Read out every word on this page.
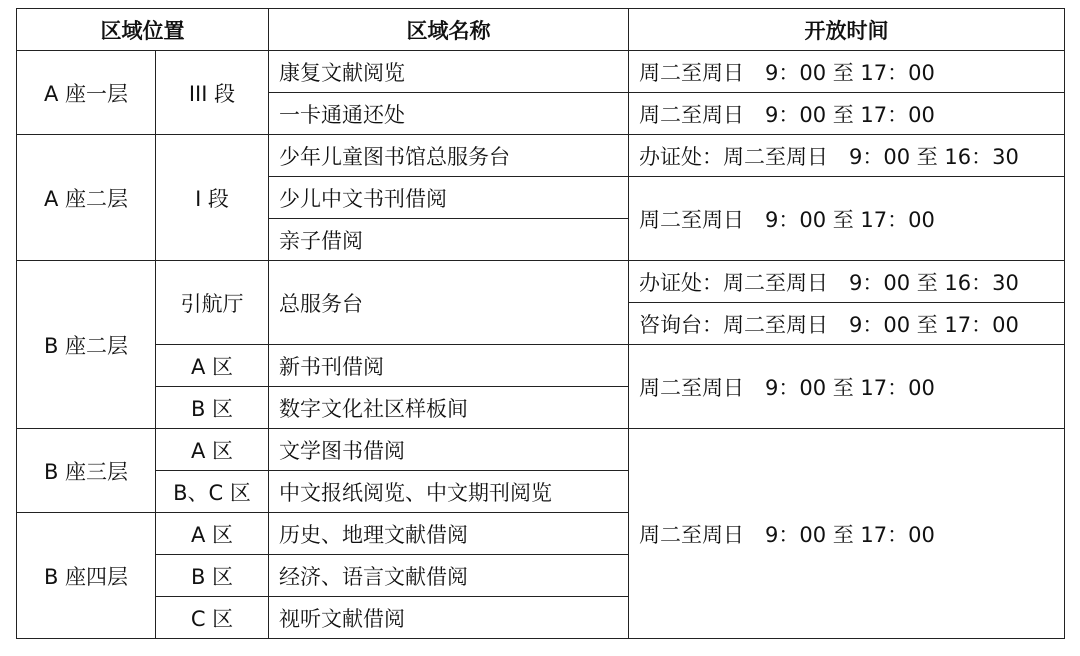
区域位置		区域名称	开放时间
A 座一层	III 段	康复文献阅览	周二至周日　9：00 至 17：00
		一卡通通还处	周二至周日　9：00 至 17：00
A 座二层	I 段	少年儿童图书馆总服务台	办证处：周二至周日　9：00 至 16：30
		少儿中文书刊借阅	周二至周日　9：00 至 17：00
		亲子借阅	
B 座二层	引航厅	总服务台	办证处：周二至周日　9：00 至 16：30
			咨询台：周二至周日　9：00 至 17：00
	A 区	新书刊借阅	周二至周日　9：00 至 17：00
	B 区	数字文化社区样板间	
B 座三层	A 区	文学图书借阅	周二至周日　9：00 至 17：00
	B、C 区	中文报纸阅览、中文期刊阅览	
B 座四层	A 区	历史、地理文献借阅	
	B 区	经济、语言文献借阅	
	C 区	视听文献借阅	
